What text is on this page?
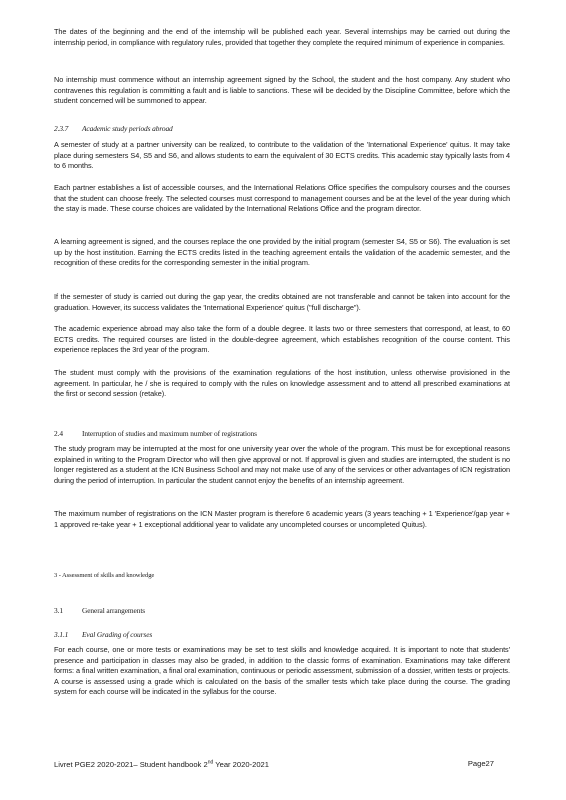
The dates of the beginning and the end of the internship will be published each year. Several internships may be carried out during the internship period, in compliance with regulatory rules, provided that together they complete the required minimum of experience in companies.

No internship must commence without an internship agreement signed by the School, the student and the host company. Any student who contravenes this regulation is committing a fault and is liable to sanctions. These will be decided by the Discipline Committee, before which the student concerned will be summoned to appear.

2.3.7 Academic study periods abroad

A semester of study at a partner university can be realized, to contribute to the validation of the 'International Experience' quitus. It may take place during semesters S4, S5 and S6, and allows students to earn the equivalent of 30 ECTS credits. This academic stay typically lasts from 4 to 6 months.

Each partner establishes a list of accessible courses, and the International Relations Office specifies the compulsory courses and the courses that the student can choose freely. The selected courses must correspond to management courses and be at the level of the year during which the stay is made. These course choices are validated by the International Relations Office and the program director.

A learning agreement is signed, and the courses replace the one provided by the initial program (semester S4, S5 or S6). The evaluation is set up by the host institution. Earning the ECTS credits listed in the teaching agreement entails the validation of the academic semester, and the recognition of these credits for the corresponding semester in the initial program.

If the semester of study is carried out during the gap year, the credits obtained are not transferable and cannot be taken into account for the graduation. However, its success validates the 'International Experience' quitus ("full discharge").

The academic experience abroad may also take the form of a double degree. It lasts two or three semesters that correspond, at least, to 60 ECTS credits. The required courses are listed in the double-degree agreement, which establishes recognition of the course content. This experience replaces the 3rd year of the program.

The student must comply with the provisions of the examination regulations of the host institution, unless otherwise provisioned in the agreement. In particular, he / she is required to comply with the rules on knowledge assessment and to attend all prescribed examinations at the first or second session (retake).

2.4	Interruption of studies and maximum number of registrations

The study program may be interrupted at the most for one university year over the whole of the program. This must be for exceptional reasons explained in writing to the Program Director who will then give approval or not. If approval is given and studies are interrupted, the student is no longer registered as a student at the ICN Business School and may not make use of any of the services or other advantages of ICN registration during the period of interruption. In particular the student cannot enjoy the benefits of an internship agreement.

The maximum number of registrations on the ICN Master program is therefore 6 academic years (3 years teaching + 1 'Experience'/gap year + 1 approved re-take year + 1 exceptional additional year to validate any uncompleted courses or uncompleted Quitus).

3 - Assessment of skills and knowledge
3.1	General arrangements
3.1.1 Eval Grading of courses

For each course, one or more tests or examinations may be set to test skills and knowledge acquired. It is important to note that students' presence and participation in classes may also be graded, in addition to the classic forms of examination. Examinations may take different forms: a final written examination, a final oral examination, continuous or periodic assessment, submission of a dossier, written tests or projects. A course is assessed using a grade which is calculated on the basis of the smaller tests which take place during the course. The grading system for each course will be indicated in the syllabus for the course.

Livret PGE2 2020-2021– Student handbook 2nd Year 2020-2021	Page27
